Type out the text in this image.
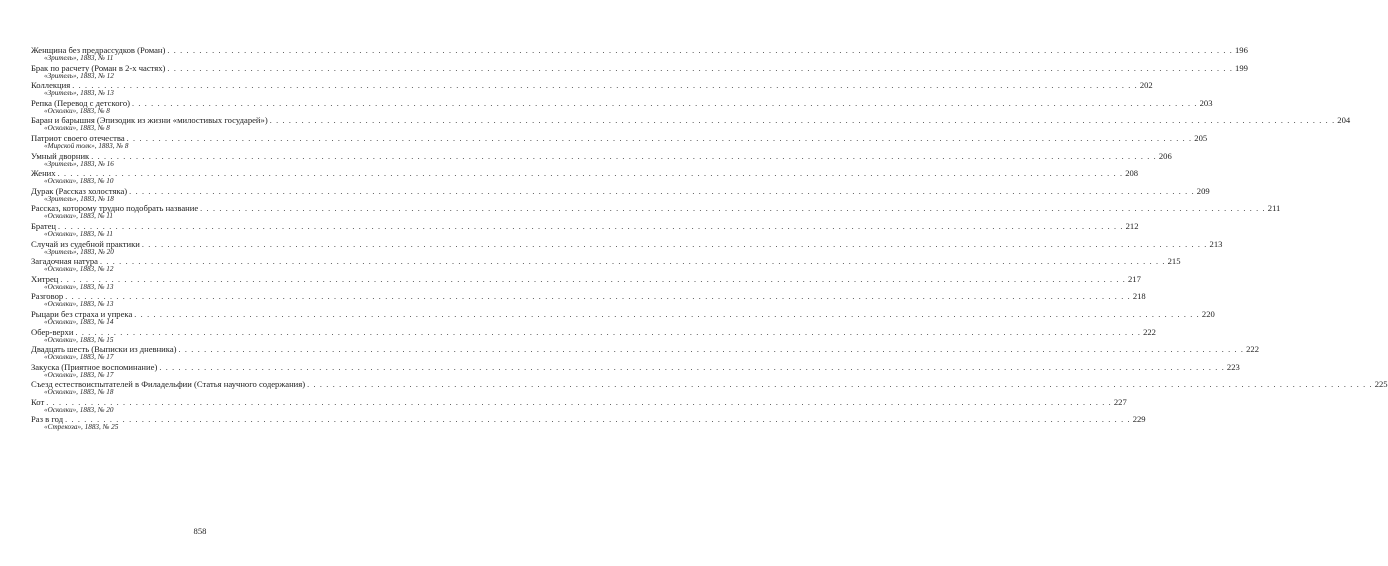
Женщина без предрассудков (Роман) . . .	196
«Зритель», 1883, № 11
Брак по расчету (Роман в 2-х частях) . . .	199
«Зритель», 1883, № 12
Коллекция . . .	202
«Зритель», 1883, № 13
Репка (Перевод с детского) . . .	203
«Осколки», 1883, № 8
Баран и барышня (Эпизодик из жизни «милостивых государей») . . .	204
«Осколки», 1883, № 8
Патриот своего отечества . . .	205
«Мирской толк», 1883, № 8
Умный дворник . . .	206
«Зритель», 1883, № 16
Жених . . .	208
«Осколки», 1883, № 10
Дурак (Рассказ холостяка) . . .	209
«Зритель», 1883, № 18
Рассказ, которому трудно подобрать название . . .	211
«Осколки», 1883, № 11
Братец . . .	212
«Осколки», 1883, № 11
Случай из судебной практики . . .	213
«Зритель», 1883, № 20
Загадочная натура . . .	215
«Осколки», 1883, № 12
Хитрец . . .	217
«Осколки», 1883, № 13
Разговор . . .	218
«Осколки», 1883, № 13
Рыцари без страха и упрека . . .	220
«Осколки», 1883, № 14
Обер-верхи . . .	222
«Осколки», 1883, № 15
Двадцать шесть (Выписки из дневника) . . .	222
«Осколки», 1883, № 17
Закуска (Приятное воспоминание) . . .	223
«Осколки», 1883, № 17
Съезд естествоиспытателей в Филадельфии (Статья научного содержания) . . .	225
«Осколки», 1883, № 18
Кот . . .	227
«Осколки», 1883, № 20
Раз в год . . .	229
«Стрекоза», 1883, № 25
858
